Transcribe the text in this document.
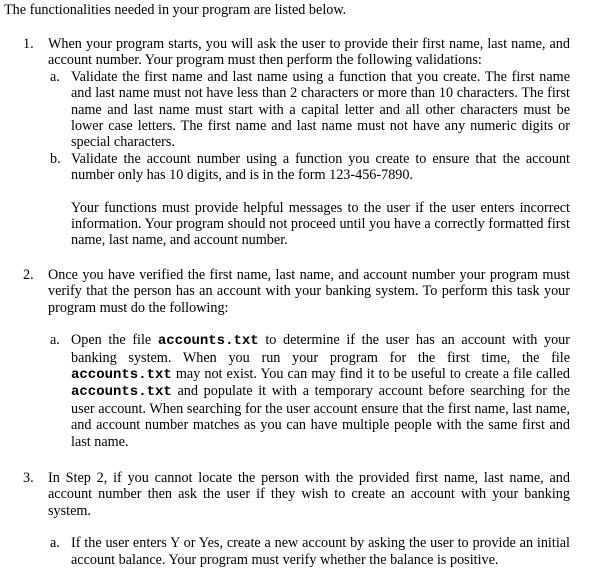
The functionalities needed in your program are listed below.
1.	When your program starts, you will ask the user to provide their first name, last name, and account number. Your program must then perform the following validations:
a. Validate the first name and last name using a function that you create. The first name and last name must not have less than 2 characters or more than 10 characters. The first name and last name must start with a capital letter and all other characters must be lower case letters. The first name and last name must not have any numeric digits or special characters.
b. Validate the account number using a function you create to ensure that the account number only has 10 digits, and is in the form 123-456-7890.
Your functions must provide helpful messages to the user if the user enters incorrect information. Your program should not proceed until you have a correctly formatted first name, last name, and account number.
2.	Once you have verified the first name, last name, and account number your program must verify that the person has an account with your banking system. To perform this task your program must do the following:
a. Open the file accounts.txt to determine if the user has an account with your banking system. When you run your program for the first time, the file accounts.txt may not exist. You can may find it to be useful to create a file called accounts.txt and populate it with a temporary account before searching for the user account. When searching for the user account ensure that the first name, last name, and account number matches as you can have multiple people with the same first and last name.
3.	In Step 2, if you cannot locate the person with the provided first name, last name, and account number then ask the user if they wish to create an account with your banking system.
a. If the user enters Y or Yes, create a new account by asking the user to provide an initial account balance. Your program must verify whether the balance is positive.
